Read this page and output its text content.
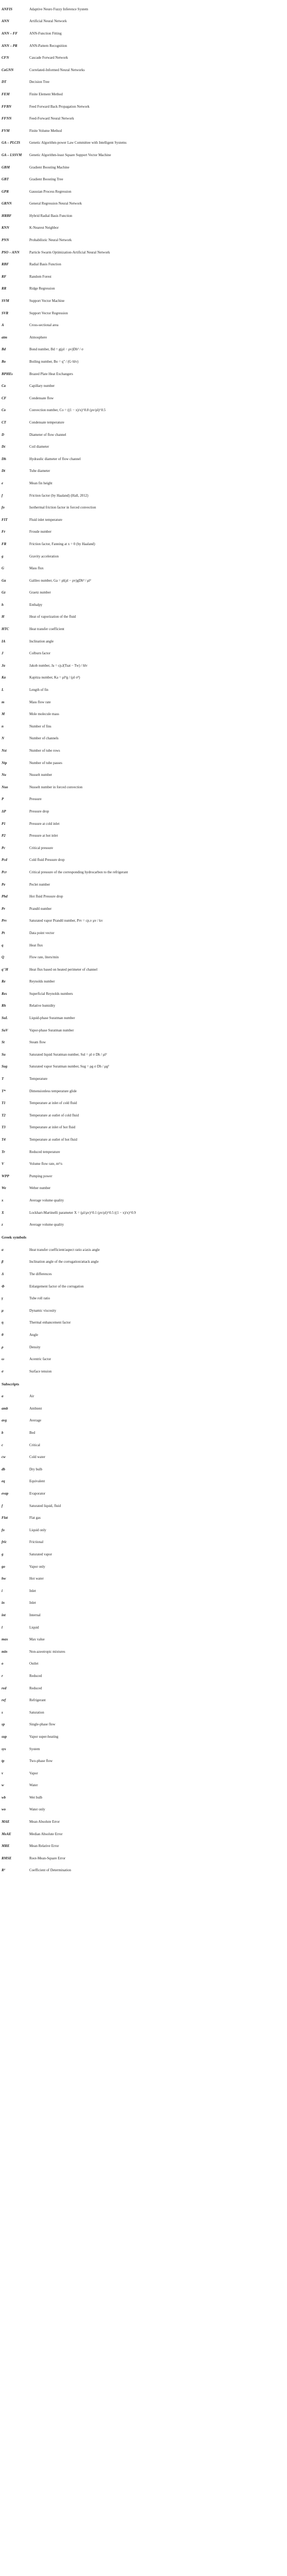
ANFIS	Adaptive Neuro Fuzzy Inference System
ANN	Artificial Neural Network
ANN – FF	ANN-Function Fitting
ANN – PR	ANN-Pattern Recognition
CFN	Cascade Forward Network
CoGNN	Correlated-Informed Neural Networks
DT	Decision Tree
FEM	Finite Element Method
FFBN	Feed Forward Back Propagation Network
FFNN	Feed-Forward Neural Network
FVM	Finite Volume Method
GA – PLCIS	Genetic Algorithm-power Law Committee with Intelligent Systems
GA – LSSVM	Genetic Algorithm-least Square Support Vector Machine
GBM	Gradient Boosting Machine
GBT	Gradient Boosting Tree
GPR	Gaussian Process Regression
GRNN	General Regression Neural Network
HRBF	Hybrid Radial Basis Function
KNN	K-Nearest Neighbor
PNN	Probabilistic Neural Network
PSO – ANN	Particle Swarm Optimization-Artificial Neural Network
RBF	Radial Basis Function
RF	Random Forest
RR	Ridge Regression
SVM	Support Vector Machine
SVR	Support Vector Regression
A	Cross-sectional area
atm	Atmosphere
Bd	Bond number, Bd = g(ρl − ρv)Dh² / σ
Bo	Boiling number, Bo = q'' / (G·hlv)
BPHEs	Brazed Plate Heat Exchangers
Ca	Capillary number
CF	Condensate flow
Co	Convection number, Co = ((1 − x)/x)^0.8 (ρv/ρl)^0.5
CT	Condensate temperature
D	Diameter of flow channel
Dc	Coil diameter
Dh	Hydraulic diameter of flow channel
Dt	Tube diameter
e	Mean fin height
f	Friction factor (by Haaland) (Hall, 2012)
fo	Isothermal friction factor in forced convection
FIT	Fluid inlet temperature
Fr	Froude number
FR	Friction factor, Fanning at x = 0 (by Haaland)
g	Gravity acceleration
G	Mass flux
Ga	Galileo number, Ga = ρl(ρl − ρv)gDh³ / μl²
Gz	Graetz number
h	Enthalpy
H	Heat of vaporization of the fluid
HTC	Heat transfer coefficient
IA	Inclination angle
J	Colburn factor
Ja	Jakob number, Ja = cp,l(Tsat − Tw) / hlv
Ka	Kapitza number, Ka = μl⁴g / (ρl σ³)
L	Length of fin
m	Mass flow rate
M	Mole molecule mass
n	Number of fins
N	Number of channels
Nst	Number of tube rows
Ntp	Number of tube passes
Nu	Nusselt number
Nuo	Nusselt number in forced convection
P	Pressure
ΔP	Pressure drop
P1	Pressure at cold inlet
P2	Pressure at hot inlet
Pc	Critical pressure
Pcd	Cold fluid Pressure drop
Pcr	Critical pressure of the corresponding hydrocarbon to the refrigerant
Pe	Peclet number
Phd	Hot fluid Pressure drop
Pr	Prandtl number
Prv	Saturated vapor Prandtl number, Prv = cp,v μv / kv
Pt	Data point vector
q	Heat flux
Q	Flow rate, liters/min
q''H	Heat flux based on heated perimeter of channel
Re	Reynolds number
Res	Superficial Reynolds numbers
Rh	Relative humidity
SuL	Liquid-phase Suratman number
SuV	Vapor-phase Suratman number
St	Steam flow
Su	Saturated liquid Suratman number, Sul = ρl σ Dh / μl²
Sug	Saturated vapor Suratman number, Sug = ρg σ Dh / μg²
T	Temperature
T*	Dimensionless temperature glide
T1	Temperature at inlet of cold fluid
T2	Temperature at outlet of cold fluid
T3	Temperature at inlet of hot fluid
T4	Temperature at outlet of hot fluid
Tr	Reduced temperature
V	Volume flow rate, m³/s
WPP	Pumping power
We	Weber number
x	Average volume quality
X	Lockhart-Martinelli parameter X = (μl/μv)^0.1 (ρv/ρl)^0.5 ((1 − x)/x)^0.9
z	Average volume quality
Greek symbols
α	Heat transfer coefficient/aspect ratio a/axis angle
β	Inclination angle of the corrugation/attack angle
Δ	The differences
Φ	Enlargement factor of the corrugation
γ	Tube roll ratio
μ	Dynamic viscosity
η	Thermal enhancement factor
θ	Angle
ρ	Density
ω	Acentric factor
σ	Surface tension
Subscripts
a	Air
amb	Ambient
avg	Average
b	Bed
c	Critical
cw	Cold water
db	Dry bulb
eq	Equivalent
evap	Evaporator
f	Saturated liquid, fluid
Flat	Flat gas
fo	Liquid only
fric	Frictional
g	Saturated vapor
go	Vapor only
hw	Hot water
i	Inlet
in	Inlet
int	Internal
l	Liquid
max	Max value
min	Non-azeotropic mixtures
o	Outlet
r	Reduced
red	Reduced
ref	Refrigerant
s	Saturation
sp	Single-phase flow
sup	Vapor super-heating
sys	System
tp	Two-phase flow
v	Vapor
w	Water
wb	Wet bulb
wo	Water only
MAE	Mean Absolute Error
MeAE	Median Absolute Error
MRE	Mean Relative Error
RMSE	Root-Mean-Square Error
R²	Coefficient of Determination
